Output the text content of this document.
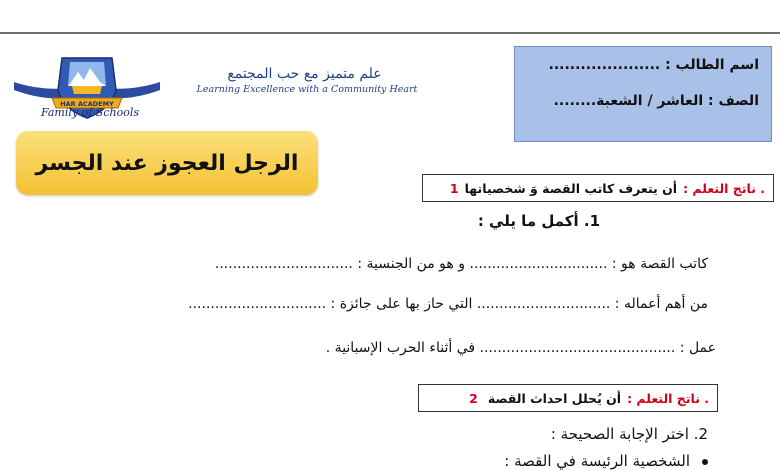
HAR ACADEMY
علم متميز مع حب المجتمع
Learning Excellence with a Community Heart
Family of Schools
اسم الطالب : .....................
الصف : العاشر / الشعبة........
الرجل العجوز عند الجسر
. ناتج التعلم :
أن يتعرف كاتب القصة وَ شخصياتها
1
1. أكمل ما يلي :
كاتب القصة هو : ............................... و هو من الجنسية : ...............................
من أهم أعماله : .............................. التي حاز بها على جائزة : ...............................
عمل : ............................................ في أثناء الحرب الإسبانية .
. ناتج التعلم :
أن يُحلل احداث القصة
2
2. اختر الإجابة الصحيحة :
الشخصية الرئيسة في القصة :
